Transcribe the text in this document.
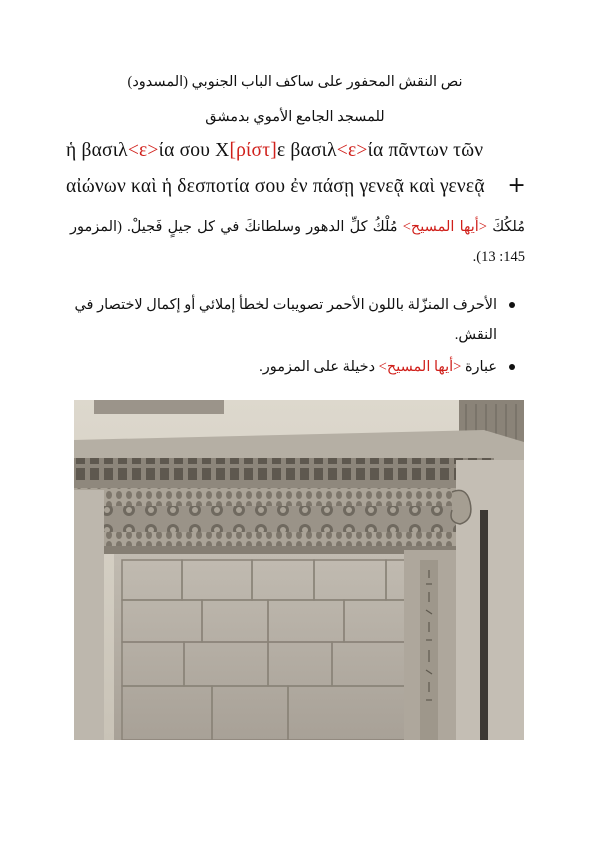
نص النقش المحفور على ساكف الباب الجنوبي (المسدود)
للمسجد الجامع الأموي بدمشق
ἡ βασιλ<ε>ία σου Χ[ρίστ]ε βασιλ<ε>ία πᾶντων τῶν
αἰώνων καὶ ἡ δεσποτία σου ἐν πάσῃ γενεᾷ καὶ γενεᾷ +
مُلكُكَ <أيها المسيح> مُلْكُ كلِّ الدهور وسلطانكَ في كل جيلٍ فَجيلْ. (المزمور 145: 13).
الأحرف المنزّلة باللون الأحمر تصويبات لخطأ إملائي أو إكمال لاختصار في النقش.
عبارة <أيها المسيح> دخيلة على المزمور.
